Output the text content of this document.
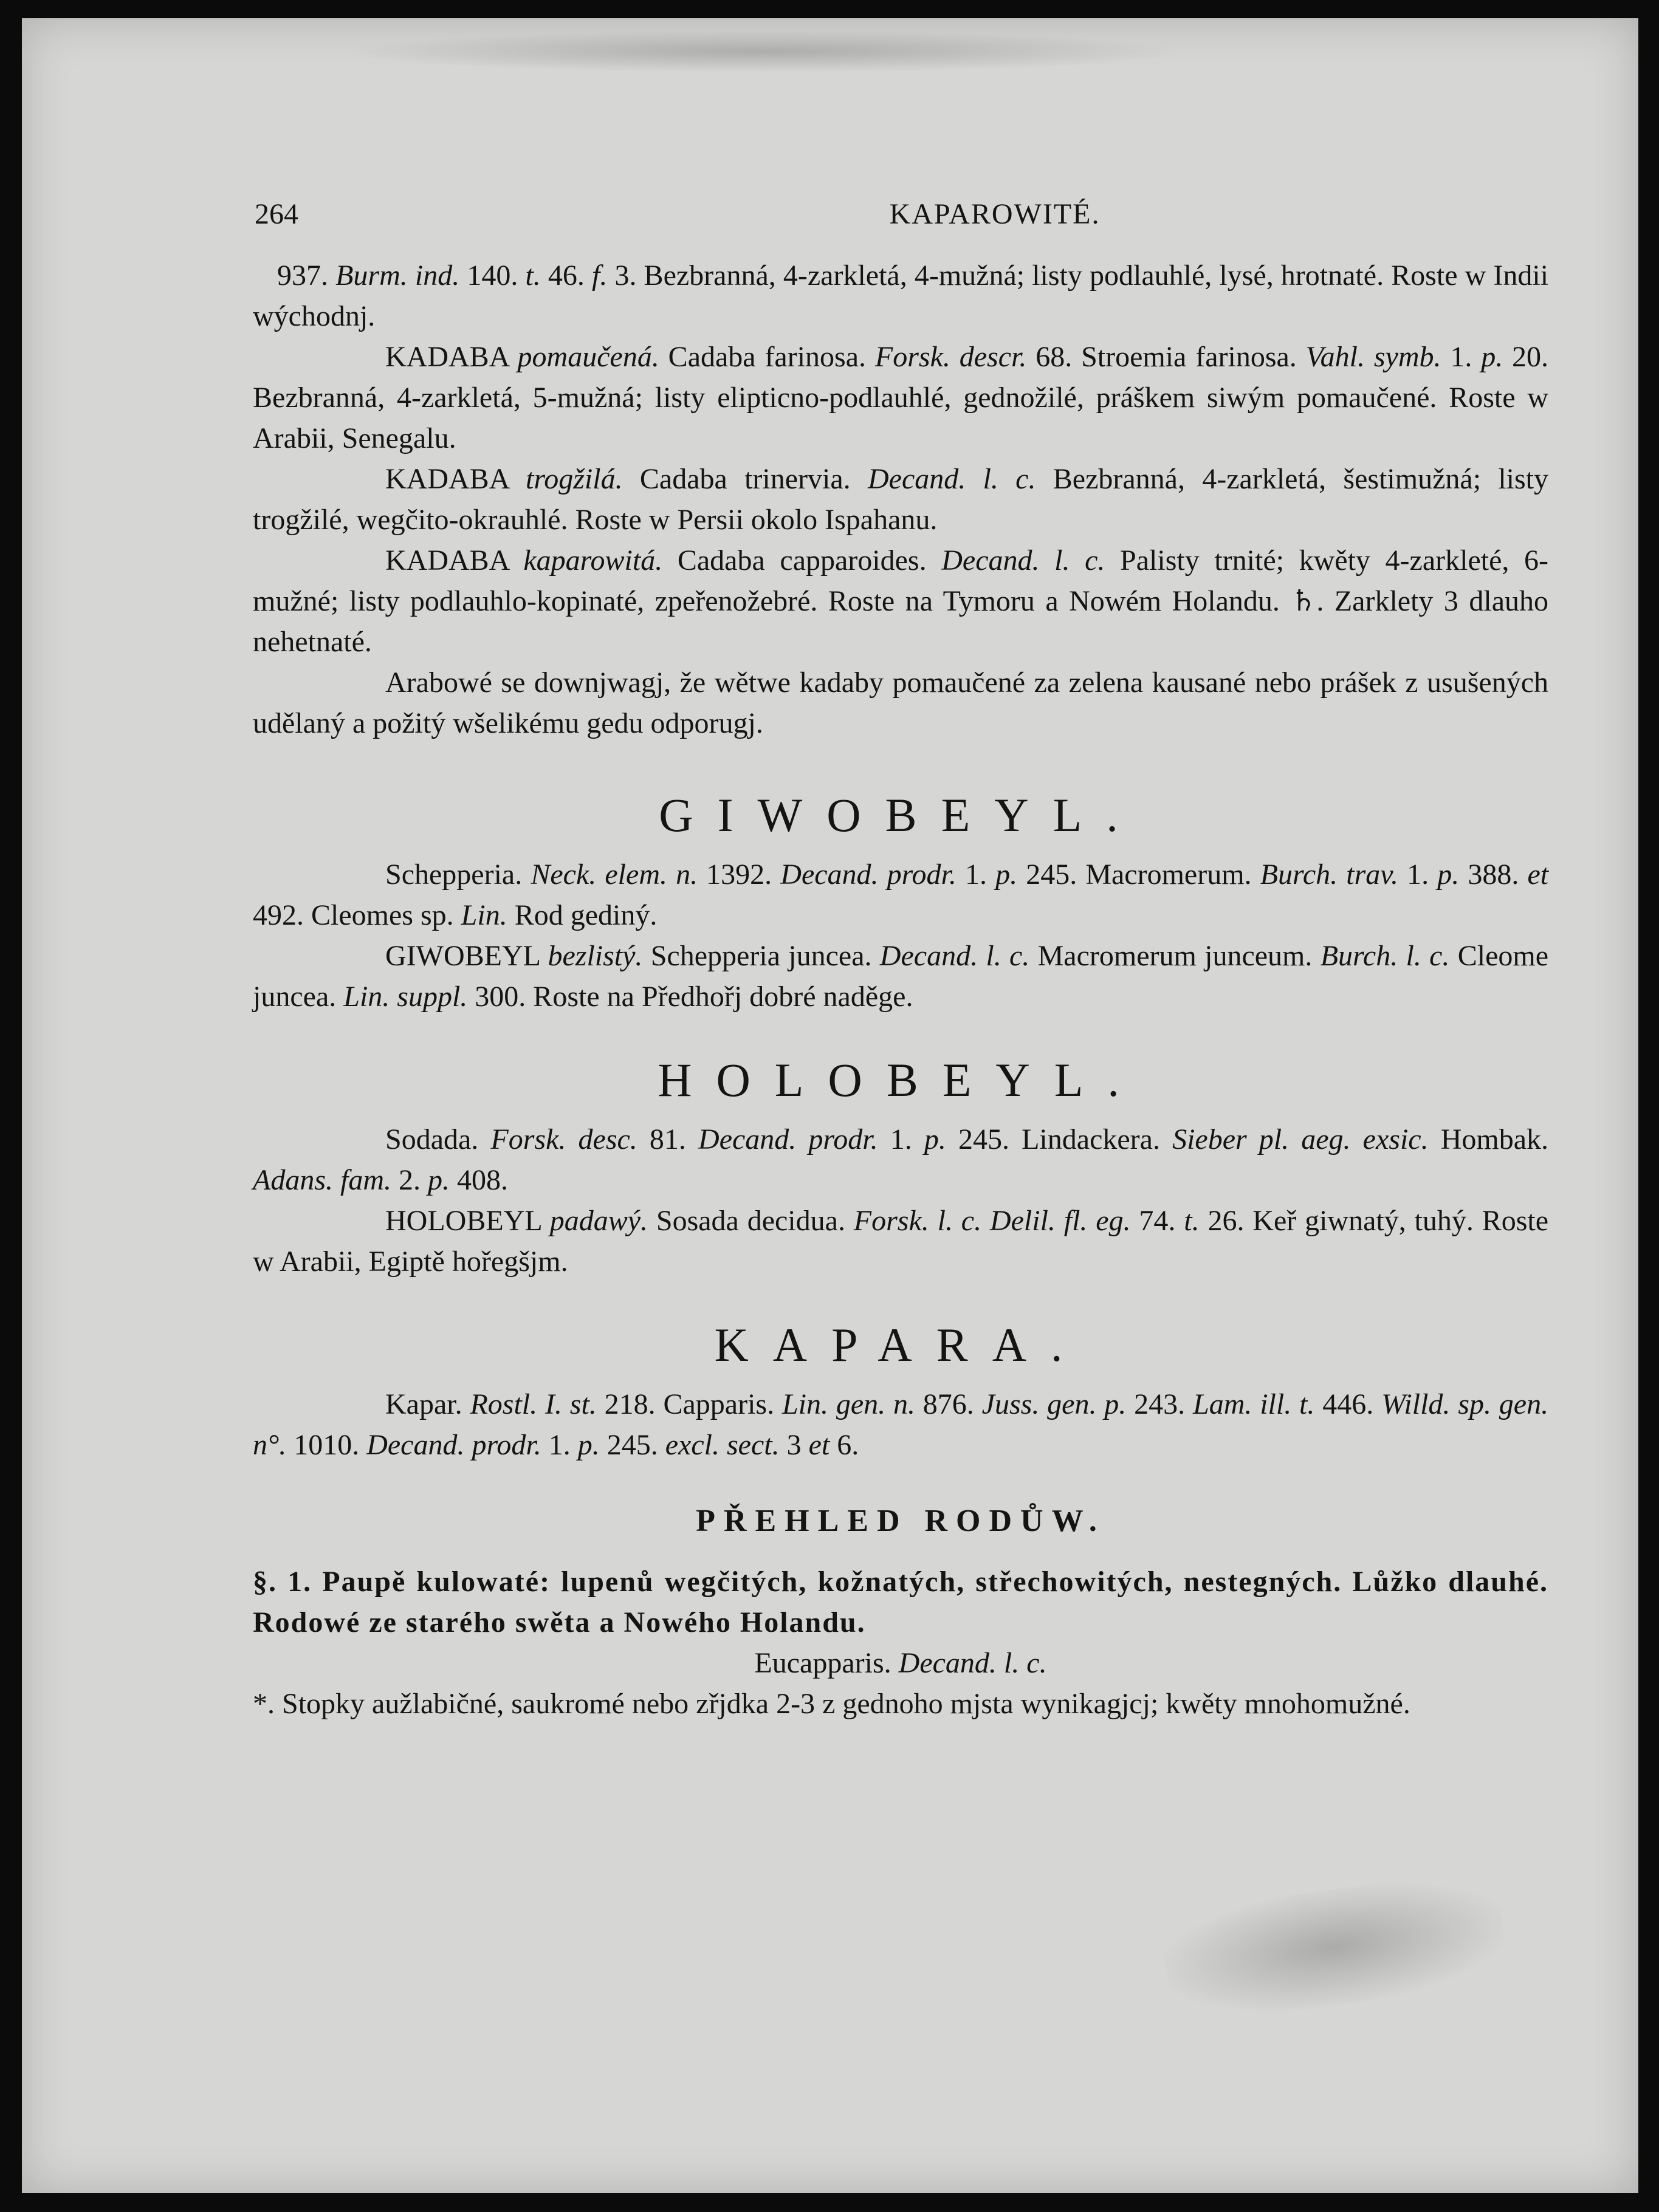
264	KAPAROWITÉ.

937. Burm. ind. 140. t. 46. f. 3. Bezbranná, 4-zarkletá, 4-mužná; listy podlauhlé, lysé, hrotnaté. Roste w Indii wýchodnj.

KADABA pomaučená. Cadaba farinosa. Forsk. descr. 68. Stroemia farinosa. Vahl. symb. 1. p. 20. Bezbranná, 4-zarkletá, 5-mužná; listy elipticno-podlauhlé, gednožilé, práškem siwým pomaučené. Roste w Arabii, Senegalu.

KADABA trogžilá. Cadaba trinervia. Decand. l. c. Bezbranná, 4-zarkletá, šestimužná; listy trogžilé, wegčito-okrauhlé. Roste w Persii okolo Ispahanu.

KADABA kaparowitá. Cadaba capparoides. Decand. l. c. Palisty trnité; kwěty 4-zarkleté, 6-mužné; listy podlauhlo-kopinaté, zpeřenožebré. Roste na Tymoru a Nowém Holandu. ♄. Zarklety 3 dlauho nehetnaté.

Arabowé se downjwagj, že wětwe kadaby pomaučené za zelena kausané nebo prášek z usušených udělaný a požitý wšelikému gedu odporugj.

GIWOBEYL.

Schepperia. Neck. elem. n. 1392. Decand. prodr. 1. p. 245. Macromerum. Burch. trav. 1. p. 388. et 492. Cleomes sp. Lin. Rod gediný.

GIWOBEYL bezlistý. Schepperia juncea. Decand. l. c. Macromerum junceum. Burch. l. c. Cleome juncea. Lin. suppl. 300. Roste na Předhořj dobré naděge.

HOLOBEYL.

Sodada. Forsk. desc. 81. Decand. prodr. 1. p. 245. Lindackera. Sieber pl. aeg. exsic. Hombak. Adans. fam. 2. p. 408.

HOLOBEYL padawý. Sosada decidua. Forsk. l. c. Delil. fl. eg. 74. t. 26. Keř giwnatý, tuhý. Roste w Arabii, Egiptě hořegšjm.

KAPARA.

Kapar. Rostl. I. st. 218. Capparis. Lin. gen. n. 876. Juss. gen. p. 243. Lam. ill. t. 446. Willd. sp. gen. n°. 1010. Decand. prodr. 1. p. 245. excl. sect. 3 et 6.

PŘEHLED RODŮW.

§. 1. Paupě kulowaté: lupenů wegčitých, kožnatých, střechowitých, nestegných. Lůžko dlauhé. Rodowé ze starého swěta a Nowého Holandu.

Eucapparis. Decand. l. c.

*. Stopky aužlabičné, saukromé nebo zřjdka 2-3 z gednoho mjsta wynikagjcj; kwěty mnohomužné.
